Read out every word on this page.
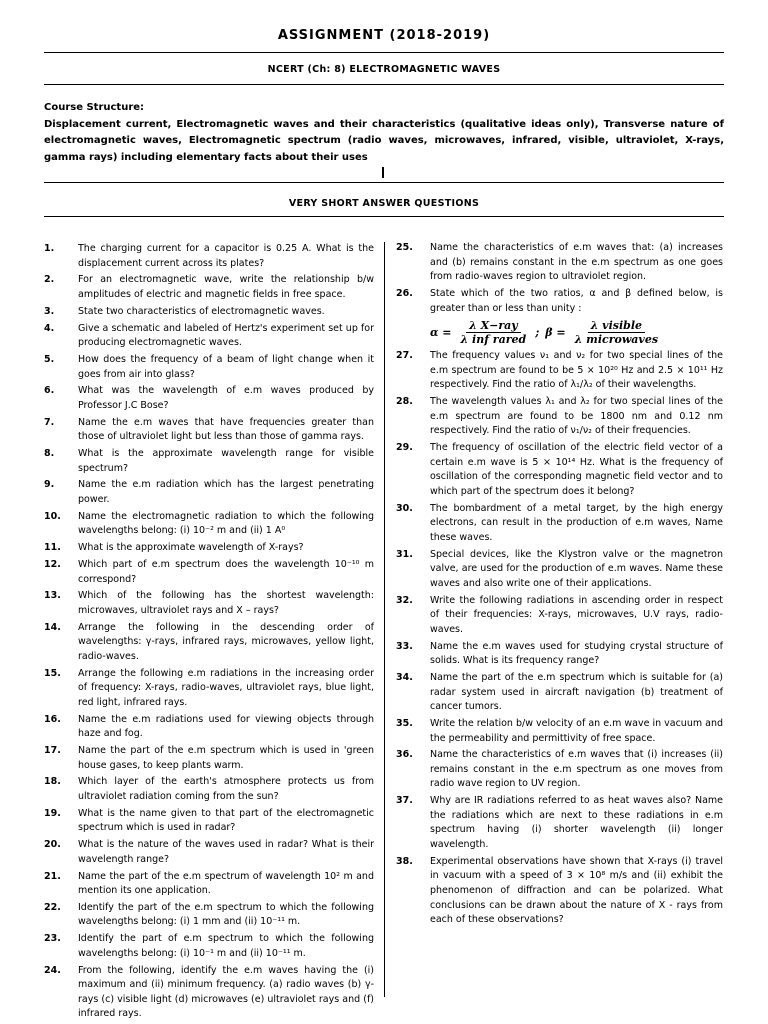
ASSIGNMENT (2018-2019)
NCERT (Ch: 8) ELECTROMAGNETIC WAVES
Course Structure:
Displacement current, Electromagnetic waves and their characteristics (qualitative ideas only), Transverse nature of electromagnetic waves, Electromagnetic spectrum (radio waves, microwaves, infrared, visible, ultraviolet, X-rays, gamma rays) including elementary facts about their uses
VERY SHORT ANSWER QUESTIONS
1.	The charging current for a capacitor is 0.25 A. What is the displacement current across its plates?
2.	For an electromagnetic wave, write the relationship b/w amplitudes of electric and magnetic fields in free space.
3.	State two characteristics of electromagnetic waves.
4.	Give a schematic and labeled of Hertz's experiment set up for producing electromagnetic waves.
5.	How does the frequency of a beam of light change when it goes from air into glass?
6.	What was the wavelength of e.m waves produced by Professor J.C Bose?
7.	Name the e.m waves that have frequencies greater than those of ultraviolet light but less than those of gamma rays.
8.	What is the approximate wavelength range for visible spectrum?
9.	Name the e.m radiation which has the largest penetrating power.
10. Name the electromagnetic radiation to which the following wavelengths belong: (i) 10⁻² m and (ii) 1 A⁰
11. What is the approximate wavelength of X-rays?
12. Which part of e.m spectrum does the wavelength 10⁻¹⁰ m correspond?
13. Which of the following has the shortest wavelength: microwaves, ultraviolet rays and X – rays?
14. Arrange the following in the descending order of wavelengths: γ-rays, infrared rays, microwaves, yellow light, radio-waves.
15. Arrange the following e.m radiations in the increasing order of frequency: X-rays, radio-waves, ultraviolet rays, blue light, red light, infrared rays.
16. Name the e.m radiations used for viewing objects through haze and fog.
17. Name the part of the e.m spectrum which is used in 'green house gases, to keep plants warm.
18. Which layer of the earth's atmosphere protects us from ultraviolet radiation coming from the sun?
19. What is the name given to that part of the electromagnetic spectrum which is used in radar?
20. What is the nature of the waves used in radar? What is their wavelength range?
21. Name the part of the e.m spectrum of wavelength 10² m and mention its one application.
22. Identify the part of the e.m spectrum to which the following wavelengths belong: (i) 1 mm and (ii) 10⁻¹¹ m.
23. Identify the part of e.m spectrum to which the following wavelengths belong: (i) 10⁻¹ m and (ii) 10⁻¹¹ m.
24. From the following, identify the e.m waves having the (i) maximum and (ii) minimum frequency. (a) radio waves (b) γ-rays (c) visible light (d) microwaves (e) ultraviolet rays and (f) infrared rays.
25. Name the characteristics of e.m waves that: (a) increases and (b) remains constant in the e.m spectrum as one goes from radio-waves region to ultraviolet region.
26. State which of the two ratios, α and β defined below, is greater than or less than unity :
$\alpha = \frac{\text{λ X−ray}}{\text{λ inf rared}}$ ; $\beta = \frac{\text{λ visible}}{\text{λ microwaves}}$
27. The frequency values ν₁ and ν₂ for two special lines of the e.m spectrum are found to be 5 × 10²⁰ Hz and 2.5 × 10¹¹ Hz respectively. Find the ratio of λ₁/λ₂ of their wavelengths.
28. The wavelength values λ₁ and λ₂ for two special lines of the e.m spectrum are found to be 1800 nm and 0.12 nm respectively. Find the ratio of ν₁/ν₂ of their frequencies.
29. The frequency of oscillation of the electric field vector of a certain e.m wave is 5 × 10¹⁴ Hz. What is the frequency of oscillation of the corresponding magnetic field vector and to which part of the spectrum does it belong?
30. The bombardment of a metal target, by the high energy electrons, can result in the production of e.m waves, Name these waves.
31. Special devices, like the Klystron valve or the magnetron valve, are used for the production of e.m waves. Name these waves and also write one of their applications.
32. Write the following radiations in ascending order in respect of their frequencies: X-rays, microwaves, U.V rays, radio-waves.
33. Name the e.m waves used for studying crystal structure of solids. What is its frequency range?
34. Name the part of the e.m spectrum which is suitable for (a) radar system used in aircraft navigation (b) treatment of cancer tumors.
35. Write the relation b/w velocity of an e.m wave in vacuum and the permeability and permittivity of free space.
36. Name the characteristics of e.m waves that (i) increases (ii) remains constant in the e.m spectrum as one moves from radio wave region to UV region.
37. Why are IR radiations referred to as heat waves also? Name the radiations which are next to these radiations in e.m spectrum having (i) shorter wavelength (ii) longer wavelength.
38. Experimental observations have shown that X-rays (i) travel in vacuum with a speed of 3 × 10⁸ m/s and (ii) exhibit the phenomenon of diffraction and can be polarized. What conclusions can be drawn about the nature of X - rays from each of these observations?
